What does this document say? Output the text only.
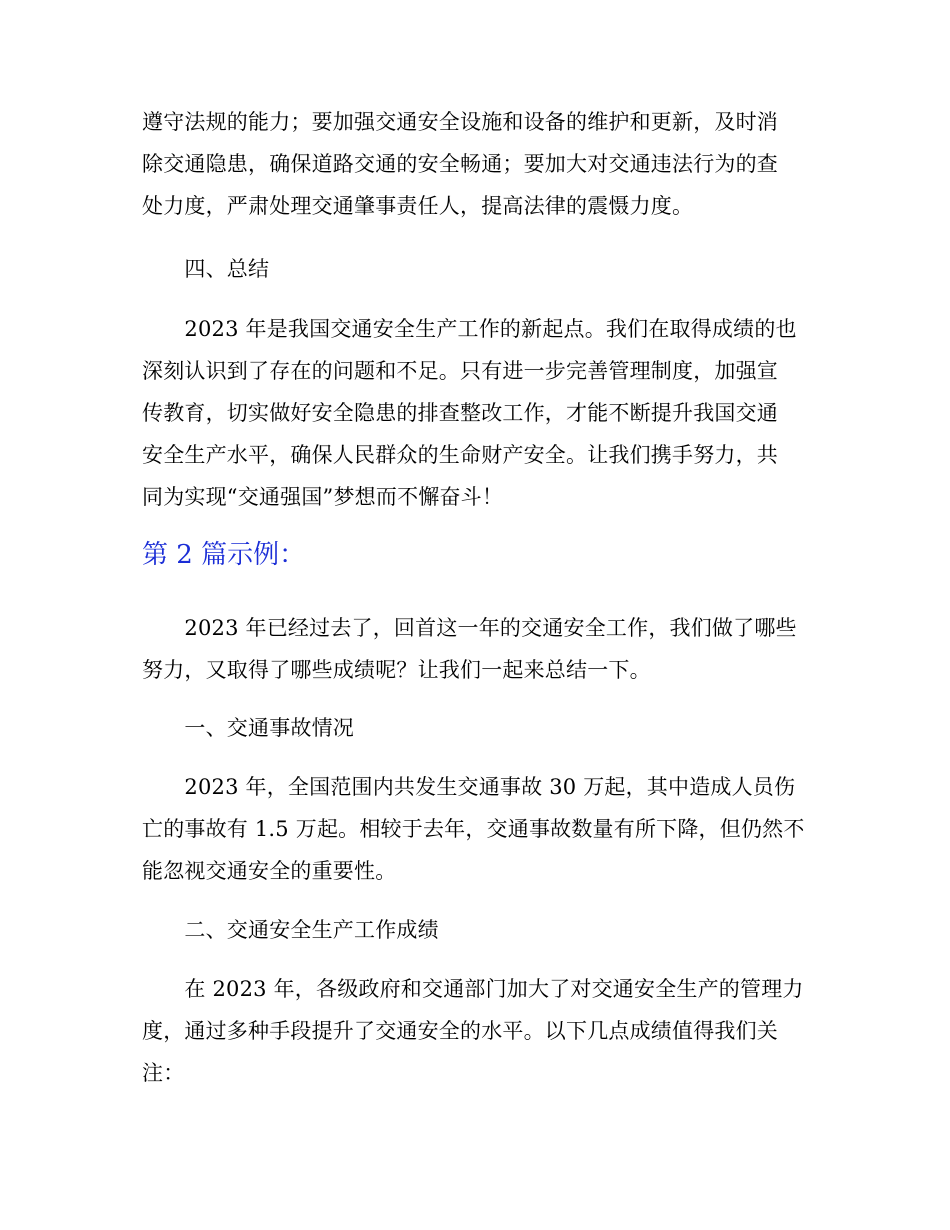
遵守法规的能力；要加强交通安全设施和设备的维护和更新，及时消
除交通隐患，确保道路交通的安全畅通；要加大对交通违法行为的查
处力度，严肃处理交通肇事责任人，提高法律的震慑力度。
　　四、总结
　　2023 年是我国交通安全生产工作的新起点。我们在取得成绩的也
深刻认识到了存在的问题和不足。只有进一步完善管理制度，加强宣
传教育，切实做好安全隐患的排查整改工作，才能不断提升我国交通
安全生产水平，确保人民群众的生命财产安全。让我们携手努力，共
同为实现“交通强国”梦想而不懈奋斗！
第 2 篇示例：
　　2023 年已经过去了，回首这一年的交通安全工作，我们做了哪些
努力，又取得了哪些成绩呢？让我们一起来总结一下。
　　一、交通事故情况
　　2023 年，全国范围内共发生交通事故 30 万起，其中造成人员伤
亡的事故有 1.5 万起。相较于去年，交通事故数量有所下降，但仍然不
能忽视交通安全的重要性。
　　二、交通安全生产工作成绩
　　在 2023 年，各级政府和交通部门加大了对交通安全生产的管理力
度，通过多种手段提升了交通安全的水平。以下几点成绩值得我们关
注：
